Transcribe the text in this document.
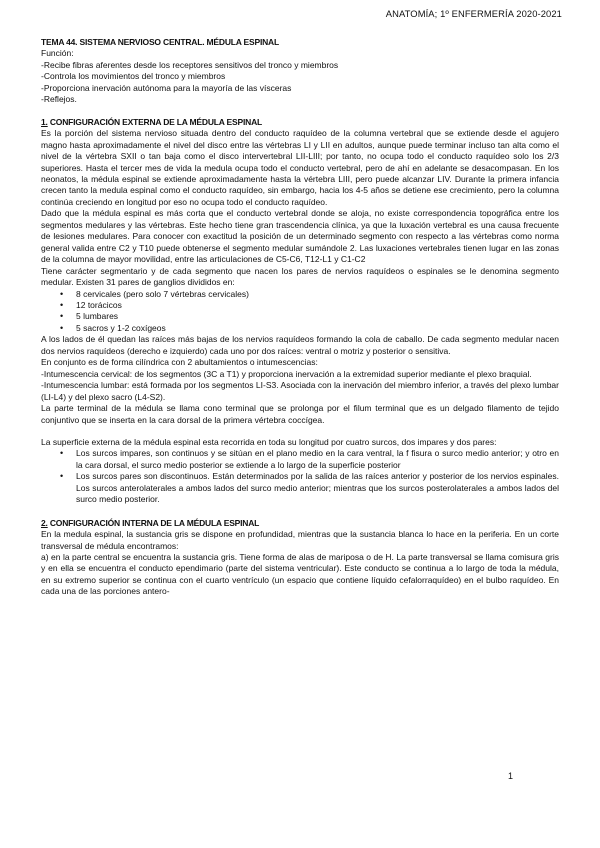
ANATOMÍA; 1º ENFERMERÍA 2020-2021

TEMA 44. SISTEMA NERVIOSO CENTRAL. MÉDULA ESPINAL

Función:

-Recibe fibras aferentes desde los receptores sensitivos del tronco y miembros

-Controla los movimientos del tronco y miembros

-Proporciona inervación autónoma para la mayoría de las vísceras

-Reflejos.

1. CONFIGURACIÓN EXTERNA DE LA MÉDULA ESPINAL

Es la porción del sistema nervioso situada dentro del conducto raquídeo de la columna vertebral que se extiende desde el agujero magno hasta aproximadamente el nivel del disco entre las vértebras LI y LII en adultos, aunque puede terminar incluso tan alta como el nivel de la vértebra SXII o tan baja como el disco intervertebral LII-LIII; por tanto, no ocupa todo el conducto raquídeo solo los 2/3 superiores. Hasta el tercer mes de vida la medula ocupa todo el conducto vertebral, pero de ahí en adelante se desacompasan. En los neonatos, la médula espinal se extiende aproximadamente hasta la vértebra LIII, pero puede alcanzar LIV. Durante la primera infancia crecen tanto la medula espinal como el conducto raquídeo, sin embargo, hacia los 4-5 años se detiene ese crecimiento, pero la columna continúa creciendo en longitud por eso no ocupa todo el conducto raquídeo.

Dado que la médula espinal es más corta que el conducto vertebral donde se aloja, no existe correspondencia topográfica entre los segmentos medulares y las vértebras. Este hecho tiene gran trascendencia clínica, ya que la luxación vertebral es una causa frecuente de lesiones medulares. Para conocer con exactitud la posición de un determinado segmento con respecto a las vértebras como norma general valida entre C2 y T10 puede obtenerse el segmento medular sumándole 2. Las luxaciones vertebrales tienen lugar en las zonas de la columna de mayor movilidad, entre las articulaciones de C5-C6, T12-L1 y C1-C2

Tiene carácter segmentario y de cada segmento que nacen los pares de nervios raquídeos o espinales se le denomina segmento medular. Existen 31 pares de ganglios divididos en:

• 8 cervicales (pero solo 7 vértebras cervicales)
• 12 torácicos
• 5 lumbares
• 5 sacros y 1-2 coxígeos

A los lados de él quedan las raíces más bajas de los nervios raquídeos formando la cola de caballo. De cada segmento medular nacen dos nervios raquídeos (derecho e izquierdo) cada uno por dos raíces: ventral o motriz y posterior o sensitiva.

En conjunto es de forma cilíndrica con 2 abultamientos o intumescencias:

-Intumescencia cervical: de los segmentos (3C a T1) y proporciona inervación a la extremidad superior mediante el plexo braquial.

-Intumescencia lumbar: está formada por los segmentos LI-S3. Asociada con la inervación del miembro inferior, a través del plexo lumbar (LI-L4) y del plexo sacro (L4-S2).

La parte terminal de la médula se llama cono terminal que se prolonga por el filum terminal que es un delgado filamento de tejido conjuntivo que se inserta en la cara dorsal de la primera vértebra coccígea.

La superficie externa de la médula espinal esta recorrida en toda su longitud por cuatro surcos, dos impares y dos pares:

• Los surcos impares, son continuos y se sitúan en el plano medio en la cara ventral, la f fisura o surco medio anterior; y otro en la cara dorsal, el surco medio posterior se extiende a lo largo de la superficie posterior
• Los surcos pares son discontinuos. Están determinados por la salida de las raíces anterior y posterior de los nervios espinales. Los surcos anterolaterales a ambos lados del surco medio anterior; mientras que los surcos posterolaterales a ambos lados del surco medio posterior.

2. CONFIGURACIÓN INTERNA DE LA MÉDULA ESPINAL

En la medula espinal, la sustancia gris se dispone en profundidad, mientras que la sustancia blanca lo hace en la periferia. En un corte transversal de médula encontramos:

a) en la parte central se encuentra la sustancia gris. Tiene forma de alas de mariposa o de H. La parte transversal se llama comisura gris y en ella se encuentra el conducto ependimario (parte del sistema ventricular). Este conducto se continua a lo largo de toda la médula, en su extremo superior se continua con el cuarto ventrículo (un espacio que contiene líquido cefalorraquídeo) en el bulbo raquídeo. En cada una de las porciones antero-

1
